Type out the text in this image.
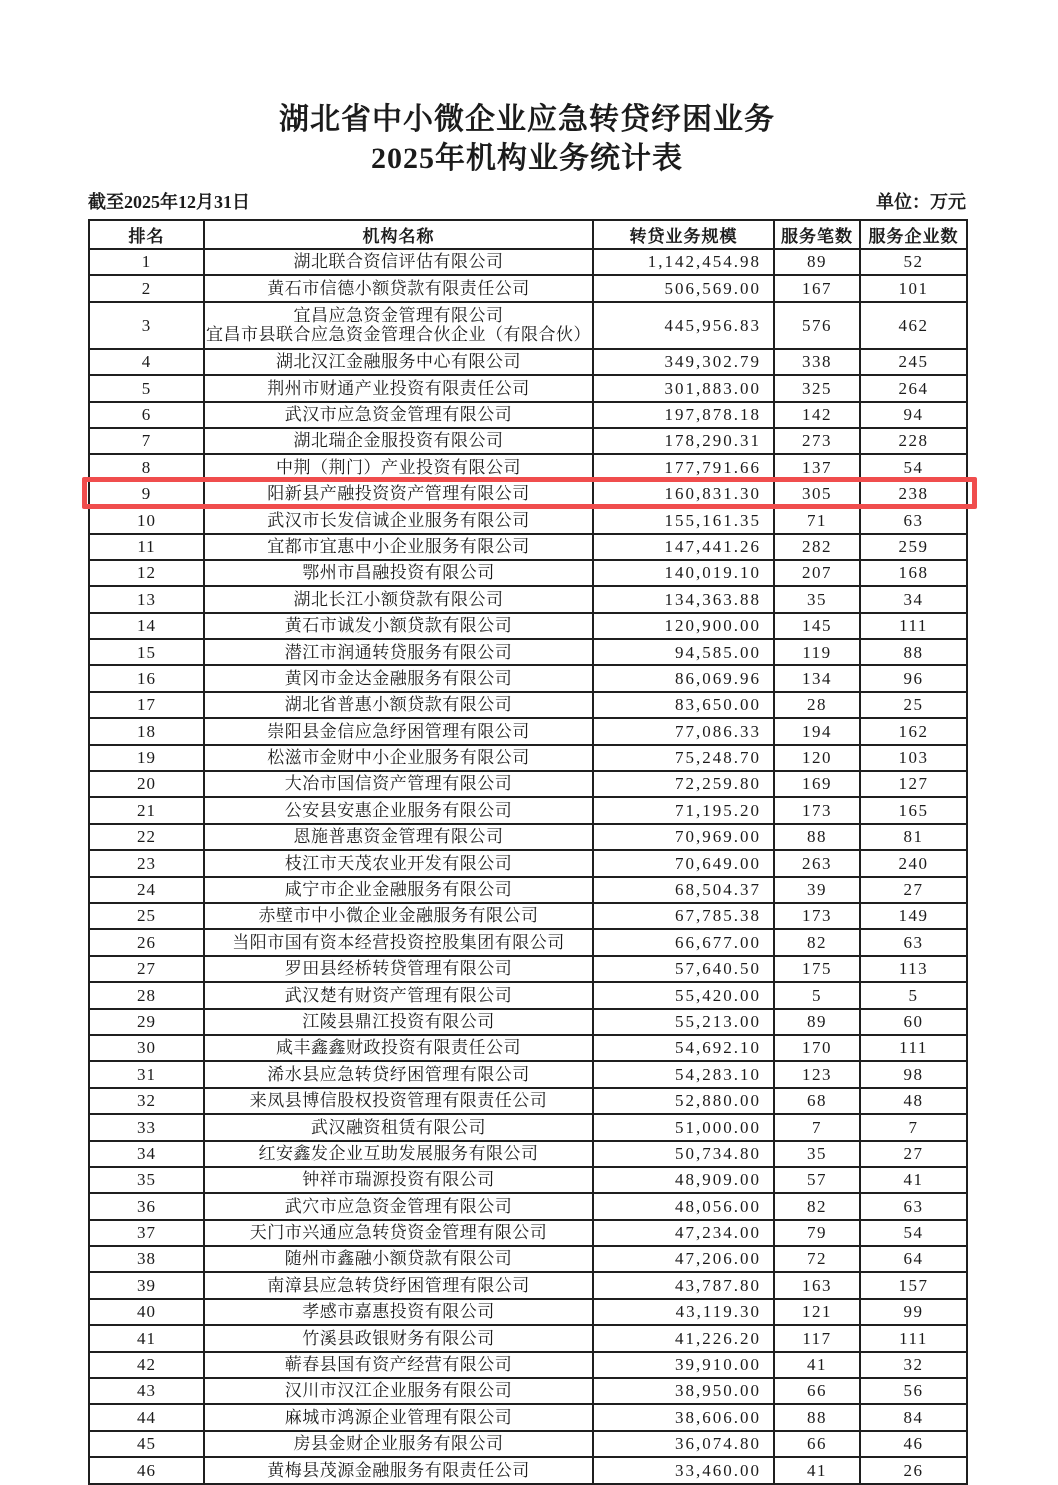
湖北省中小微企业应急转贷纾困业务
2025年机构业务统计表
截至2025年12月31日	单位：万元
排名	机构名称	转贷业务规模	服务笔数	服务企业数
1	湖北联合资信评估有限公司	1,142,454.98	89	52
2	黄石市信德小额贷款有限责任公司	506,569.00	167	101
3	宜昌应急资金管理有限公司
宜昌市县联合应急资金管理合伙企业（有限合伙）	445,956.83	576	462
4	湖北汉江金融服务中心有限公司	349,302.79	338	245
5	荆州市财通产业投资有限责任公司	301,883.00	325	264
6	武汉市应急资金管理有限公司	197,878.18	142	94
7	湖北瑞企金服投资有限公司	178,290.31	273	228
8	中荆（荆门）产业投资有限公司	177,791.66	137	54
9	阳新县产融投资资产管理有限公司	160,831.30	305	238
10	武汉市长发信诚企业服务有限公司	155,161.35	71	63
11	宜都市宜惠中小企业服务有限公司	147,441.26	282	259
12	鄂州市昌融投资有限公司	140,019.10	207	168
13	湖北长江小额贷款有限公司	134,363.88	35	34
14	黄石市诚发小额贷款有限公司	120,900.00	145	111
15	潜江市润通转贷服务有限公司	94,585.00	119	88
16	黄冈市金达金融服务有限公司	86,069.96	134	96
17	湖北省普惠小额贷款有限公司	83,650.00	28	25
18	崇阳县金信应急纾困管理有限公司	77,086.33	194	162
19	松滋市金财中小企业服务有限公司	75,248.70	120	103
20	大冶市国信资产管理有限公司	72,259.80	169	127
21	公安县安惠企业服务有限公司	71,195.20	173	165
22	恩施普惠资金管理有限公司	70,969.00	88	81
23	枝江市天茂农业开发有限公司	70,649.00	263	240
24	咸宁市企业金融服务有限公司	68,504.37	39	27
25	赤壁市中小微企业金融服务有限公司	67,785.38	173	149
26	当阳市国有资本经营投资控股集团有限公司	66,677.00	82	63
27	罗田县经桥转贷管理有限公司	57,640.50	175	113
28	武汉楚有财资产管理有限公司	55,420.00	5	5
29	江陵县鼎江投资有限公司	55,213.00	89	60
30	咸丰鑫鑫财政投资有限责任公司	54,692.10	170	111
31	浠水县应急转贷纾困管理有限公司	54,283.10	123	98
32	来凤县博信股权投资管理有限责任公司	52,880.00	68	48
33	武汉融资租赁有限公司	51,000.00	7	7
34	红安鑫发企业互助发展服务有限公司	50,734.80	35	27
35	钟祥市瑞源投资有限公司	48,909.00	57	41
36	武穴市应急资金管理有限公司	48,056.00	82	63
37	天门市兴通应急转贷资金管理有限公司	47,234.00	79	54
38	随州市鑫融小额贷款有限公司	47,206.00	72	64
39	南漳县应急转贷纾困管理有限公司	43,787.80	163	157
40	孝感市嘉惠投资有限公司	43,119.30	121	99
41	竹溪县政银财务有限公司	41,226.20	117	111
42	蕲春县国有资产经营有限公司	39,910.00	41	32
43	汉川市汉江企业服务有限公司	38,950.00	66	56
44	麻城市鸿源企业管理有限公司	38,606.00	88	84
45	房县金财企业服务有限公司	36,074.80	66	46
46	黄梅县茂源金融服务有限责任公司	33,460.00	41	26
